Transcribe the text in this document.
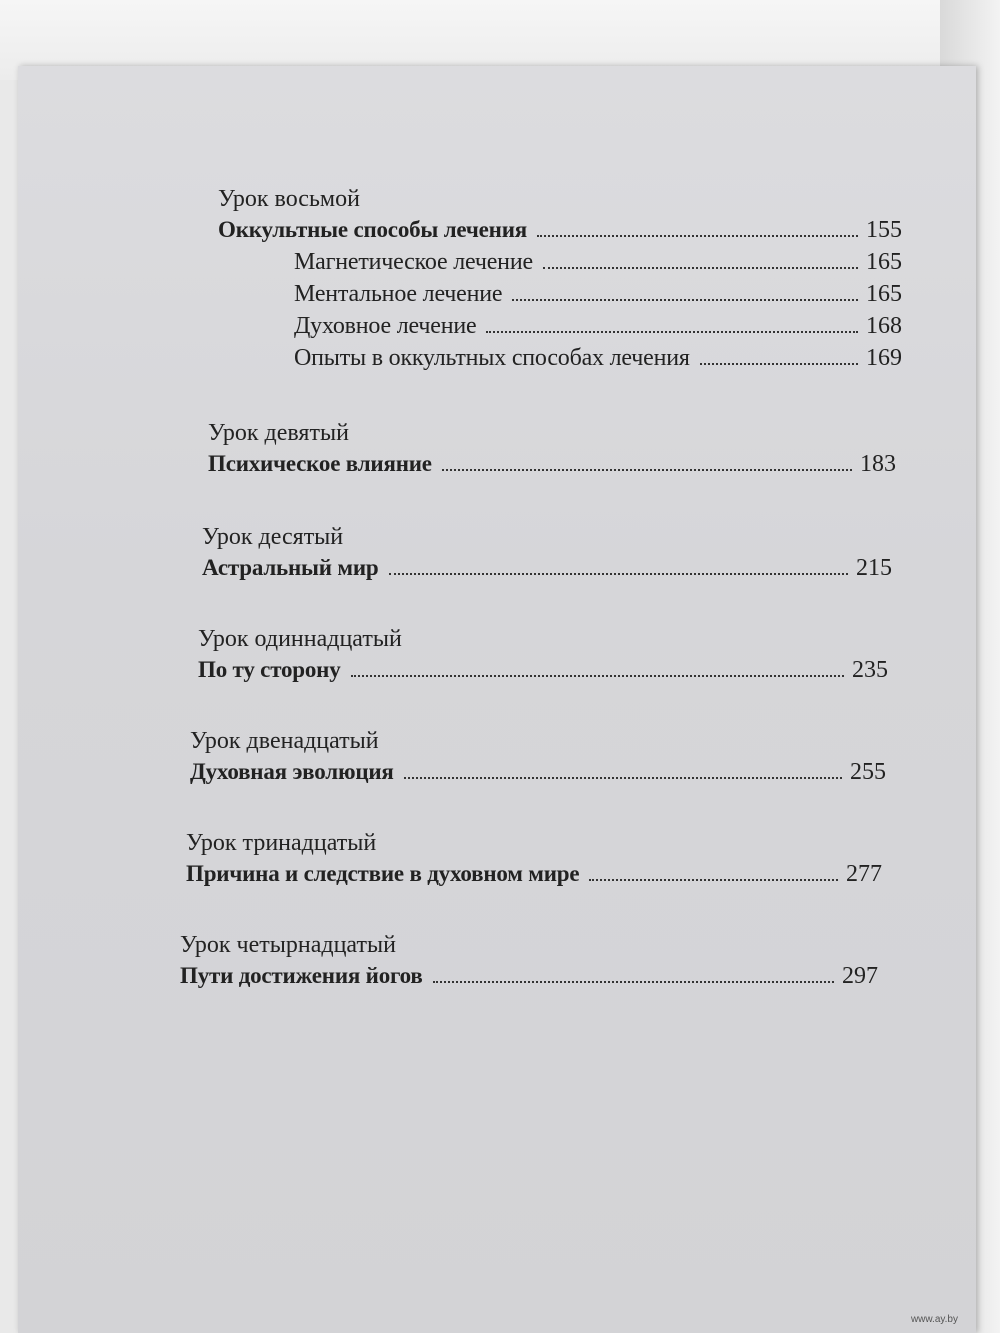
Урок восьмой

Оккультные способы лечения	155
Магнетическое лечение	165
Ментальное лечение	165
Духовное лечение	168
Опыты в оккультных способах лечения	169

Урок девятый

Психическое влияние	183

Урок десятый

Астральный мир	215

Урок одиннадцатый

По ту сторону	235

Урок двенадцатый

Духовная эволюция	255

Урок тринадцатый

Причина и следствие в духовном мире	277

Урок четырнадцатый

Пути достижения йогов	297
www.ay.by
